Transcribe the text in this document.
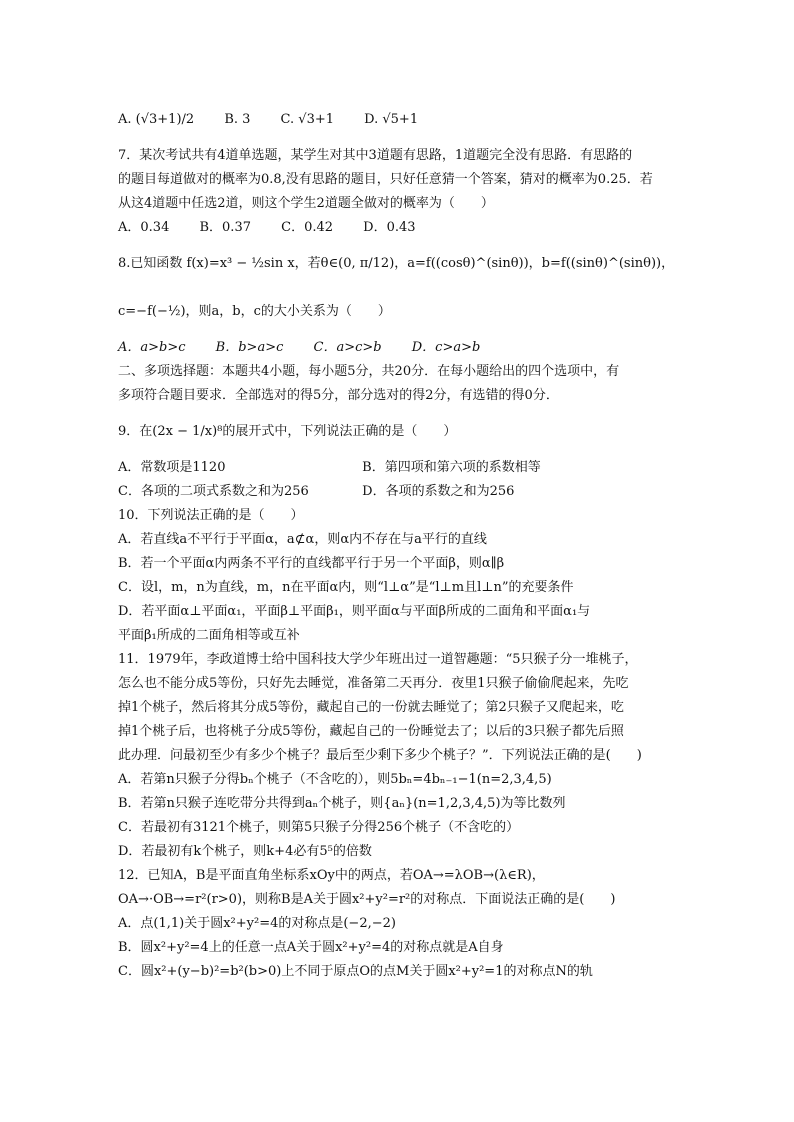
A. (√3+1)/2 B. 3 C. √3+1 D. √5+1
7．某次考试共有4道单选题，某学生对其中3道题有思路，1道题完全没有思路．有思路的
的题目每道做对的概率为0.8,没有思路的题目，只好任意猜一个答案，猜对的概率为0.25．若
从这4道题中任选2道，则这个学生2道题全做对的概率为（　　）
A．0.34 B．0.37 C．0.42 D．0.43
8.已知函数 f(x)=x³ − ½sin x，若θ∈(0, π/12)，a=f((cosθ)^(sinθ))，b=f((sinθ)^(sinθ))，
c=−f(−½)，则a，b，c的大小关系为（　　）
A．a>b>c B．b>a>c C．a>c>b D．c>a>b
二、多项选择题：本题共4小题，每小题5分，共20分．在每小题给出的四个选项中，有
多项符合题目要求．全部选对的得5分，部分选对的得2分，有选错的得0分．
9．在(2x − 1/x)⁸的展开式中，下列说法正确的是（　　）
A．常数项是1120	B．第四项和第六项的系数相等
C．各项的二项式系数之和为256	D．各项的系数之和为256
10．下列说法正确的是（　　）
A．若直线a不平行于平面α，a⊄α，则α内不存在与a平行的直线
B．若一个平面α内两条不平行的直线都平行于另一个平面β，则α∥β
C．设l，m，n为直线，m，n在平面α内，则“l⊥α”是“l⊥m且l⊥n”的充要条件
D．若平面α⊥平面α₁，平面β⊥平面β₁，则平面α与平面β所成的二面角和平面α₁与
平面β₁所成的二面角相等或互补
11．1979年，李政道博士给中国科技大学少年班出过一道智趣题：“5只猴子分一堆桃子，
怎么也不能分成5等份，只好先去睡觉，准备第二天再分．夜里1只猴子偷偷爬起来，先吃
掉1个桃子，然后将其分成5等份，藏起自己的一份就去睡觉了；第2只猴子又爬起来，吃
掉1个桃子后，也将桃子分成5等份，藏起自己的一份睡觉去了；以后的3只猴子都先后照
此办理．问最初至少有多少个桃子？最后至少剩下多少个桃子？”．下列说法正确的是(　　)
A．若第n只猴子分得bₙ个桃子（不含吃的），则5bₙ=4bₙ₋₁−1(n=2,3,4,5)
B．若第n只猴子连吃带分共得到aₙ个桃子，则{aₙ}(n=1,2,3,4,5)为等比数列
C．若最初有3121个桃子，则第5只猴子分得256个桃子（不含吃的）
D．若最初有k个桃子，则k+4必有5⁵的倍数
12．已知A，B是平面直角坐标系xOy中的两点，若OA→=λOB→(λ∈R)，
OA→·OB→=r²(r>0)，则称B是A关于圆x²+y²=r²的对称点．下面说法正确的是(　　)
A．点(1,1)关于圆x²+y²=4的对称点是(−2,−2)
B．圆x²+y²=4上的任意一点A关于圆x²+y²=4的对称点就是A自身
C．圆x²+(y−b)²=b²(b>0)上不同于原点O的点M关于圆x²+y²=1的对称点N的轨
